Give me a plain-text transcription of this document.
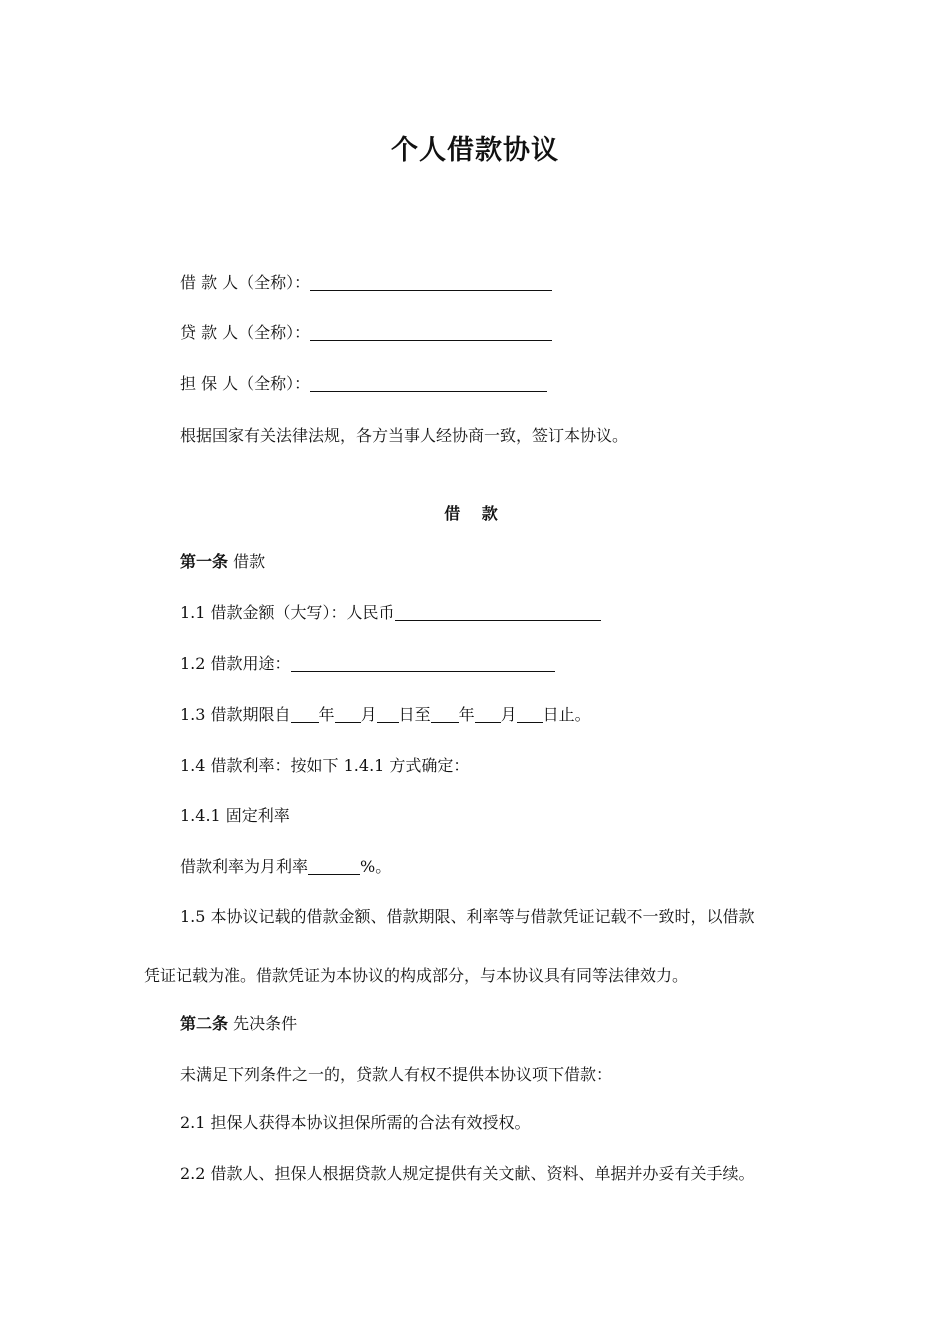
个人借款协议
借 款 人（全称）：
贷 款 人（全称）：
担 保 人（全称）：
根据国家有关法律法规，各方当事人经协商一致，签订本协议。
借 款
第一条 借款
1.1 借款金额（大写）：人民币
1.2 借款用途：
1.3 借款期限自 年 月 日至 年 月 日止。
1.4 借款利率：按如下 1.4.1 方式确定：
1.4.1 固定利率
借款利率为月利率	%。
1.5 本协议记载的借款金额、借款期限、利率等与借款凭证记载不一致时，以借款
凭证记载为准。借款凭证为本协议的构成部分，与本协议具有同等法律效力。
第二条 先决条件
未满足下列条件之一的，贷款人有权不提供本协议项下借款：
2.1 担保人获得本协议担保所需的合法有效授权。
2.2 借款人、担保人根据贷款人规定提供有关文献、资料、单据并办妥有关手续。
